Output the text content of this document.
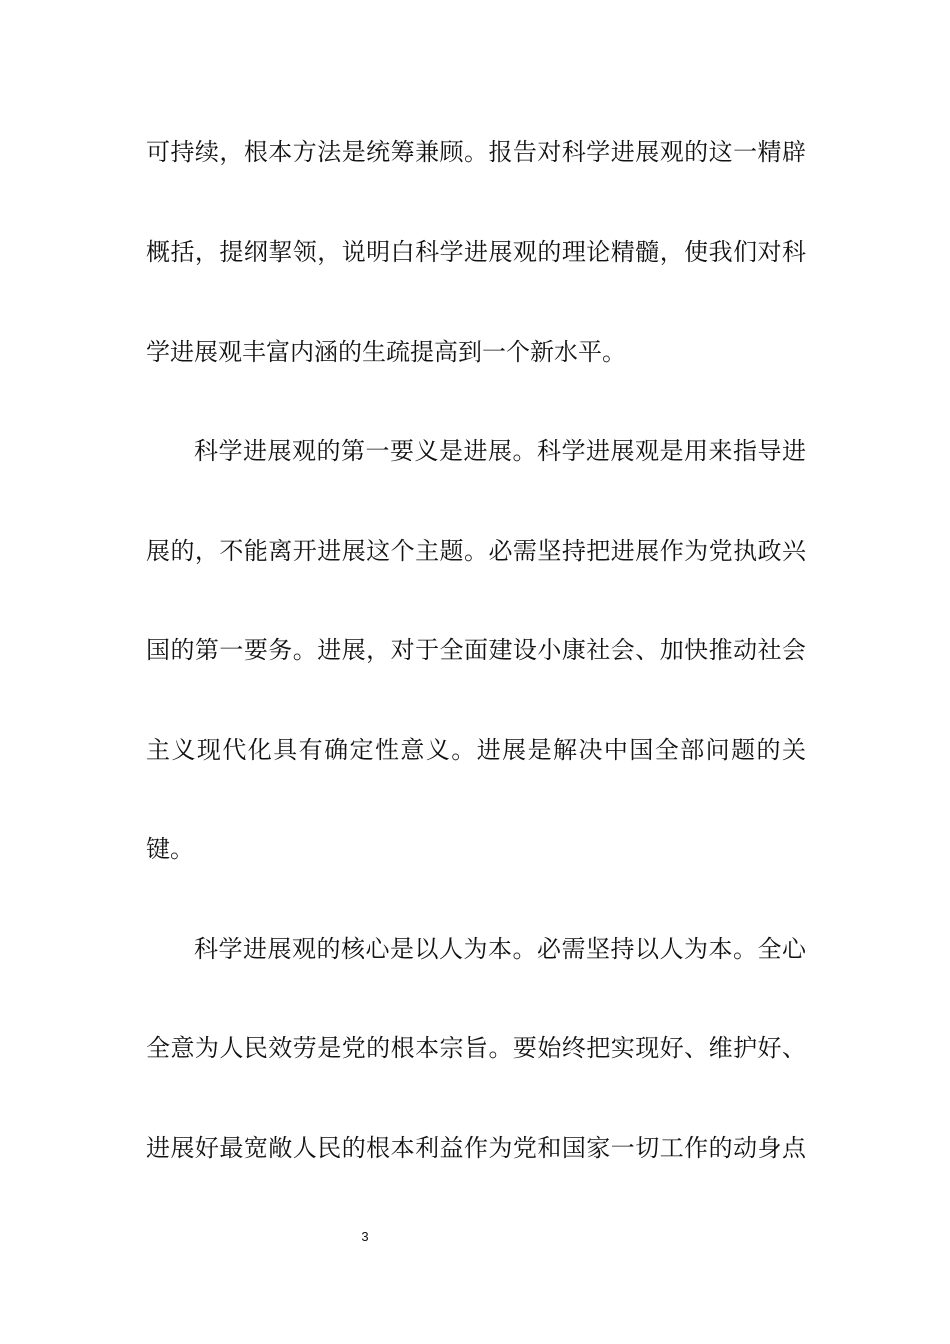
可持续，根本方法是统筹兼顾。报告对科学进展观的这一精辟
概括，提纲挈领，说明白科学进展观的理论精髓，使我们对科
学进展观丰富内涵的生疏提高到一个新水平。
科学进展观的第一要义是进展。科学进展观是用来指导进
展的，不能离开进展这个主题。必需坚持把进展作为党执政兴
国的第一要务。进展，对于全面建设小康社会、加快推动社会
主义现代化具有确定性意义。进展是解决中国全部问题的关
键。
科学进展观的核心是以人为本。必需坚持以人为本。全心
全意为人民效劳是党的根本宗旨。要始终把实现好、维护好、
进展好最宽敞人民的根本利益作为党和国家一切工作的动身点
3
